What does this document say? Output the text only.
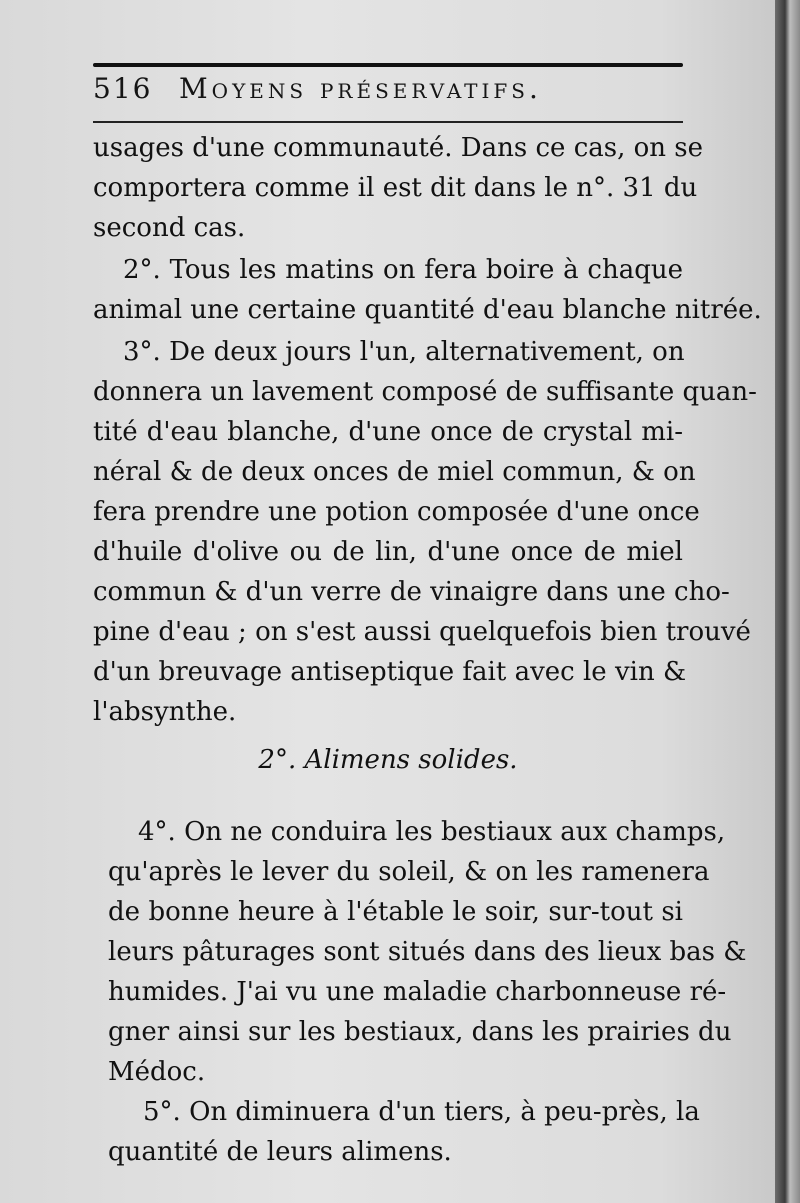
516 Moyens préservatifs.
usages d'une communauté. Dans ce cas, on se
comportera comme il est dit dans le n°. 31 du
second cas.
2°. Tous les matins on fera boire à chaque
animal une certaine quantité d'eau blanche nitrée.
3°. De deux jours l'un, alternativement, on
donnera un lavement composé de suffisante quan-
tité d'eau blanche, d'une once de crystal mi-
néral & de deux onces de miel commun, & on
fera prendre une potion composée d'une once
d'huile d'olive ou de lin, d'une once de miel
commun & d'un verre de vinaigre dans une cho-
pine d'eau ; on s'est aussi quelquefois bien trouvé
d'un breuvage antiseptique fait avec le vin &
l'absynthe.
2°. Alimens solides.
4°. On ne conduira les bestiaux aux champs,
qu'après le lever du soleil, & on les ramenera
de bonne heure à l'étable le soir, sur-tout si
leurs pâturages sont situés dans des lieux bas &
humides. J'ai vu une maladie charbonneuse ré-
gner ainsi sur les bestiaux, dans les prairies du
Médoc.
5°. On diminuera d'un tiers, à peu-près, la
quantité de leurs alimens.
